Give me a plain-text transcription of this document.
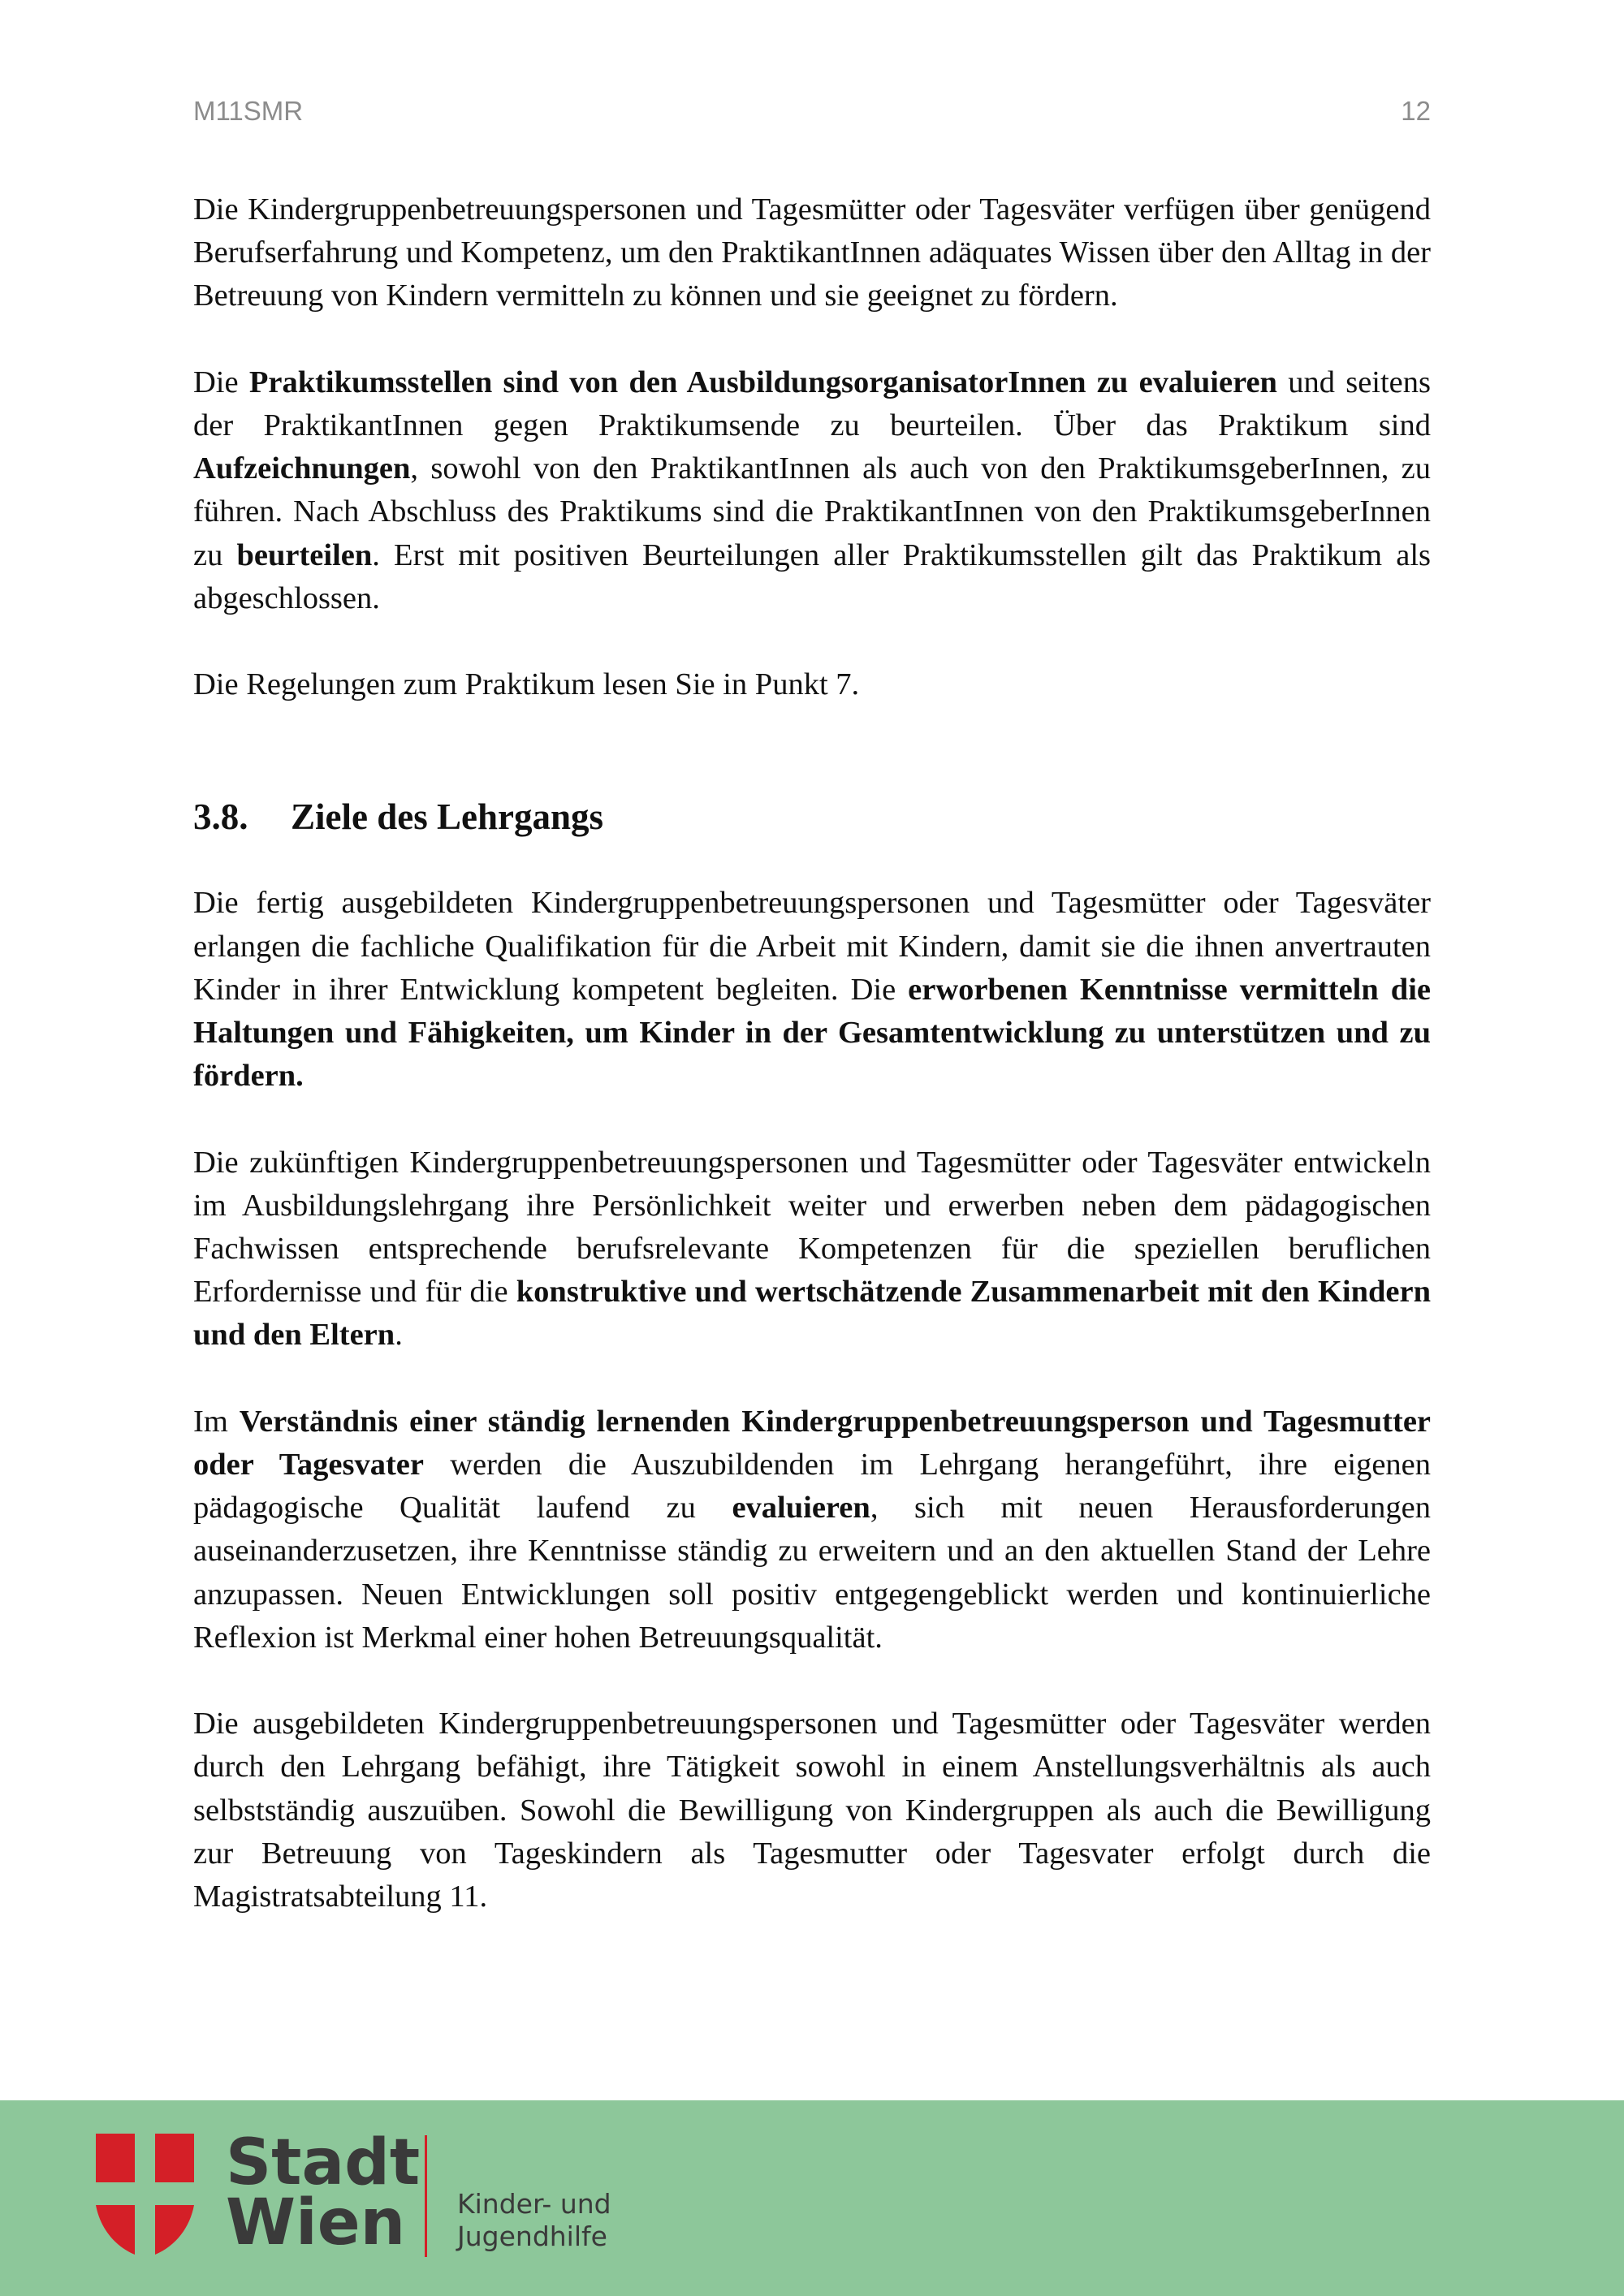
M11SMR	12

Die Kindergruppenbetreuungspersonen und Tagesmütter oder Tagesväter verfügen über genügend Berufserfahrung und Kompetenz, um den PraktikantInnen adäquates Wissen über den Alltag in der Betreuung von Kindern vermitteln zu können und sie geeignet zu fördern.

Die Praktikumsstellen sind von den AusbildungsorganisatorInnen zu evaluieren und seitens der PraktikantInnen gegen Praktikumsende zu beurteilen. Über das Praktikum sind Aufzeichnungen, sowohl von den PraktikantInnen als auch von den PraktikumsgeberInnen, zu führen. Nach Abschluss des Praktikums sind die PraktikantInnen von den PraktikumsgeberInnen zu beurteilen. Erst mit positiven Beurteilungen aller Praktikumsstellen gilt das Praktikum als abgeschlossen.

Die Regelungen zum Praktikum lesen Sie in Punkt 7.

3.8. Ziele des Lehrgangs

Die fertig ausgebildeten Kindergruppenbetreuungspersonen und Tagesmütter oder Tagesväter erlangen die fachliche Qualifikation für die Arbeit mit Kindern, damit sie die ihnen anvertrauten Kinder in ihrer Entwicklung kompetent begleiten. Die erworbenen Kenntnisse vermitteln die Haltungen und Fähigkeiten, um Kinder in der Gesamtentwicklung zu unterstützen und zu fördern.

Die zukünftigen Kindergruppenbetreuungspersonen und Tagesmütter oder Tagesväter entwickeln im Ausbildungslehrgang ihre Persönlichkeit weiter und erwerben neben dem pädagogischen Fachwissen entsprechende berufsrelevante Kompetenzen für die speziellen beruflichen Erfordernisse und für die konstruktive und wertschätzende Zusammenarbeit mit den Kindern und den Eltern.

Im Verständnis einer ständig lernenden Kindergruppenbetreuungsperson und Tagesmutter oder Tagesvater werden die Auszubildenden im Lehrgang herangeführt, ihre eigenen pädagogische Qualität laufend zu evaluieren, sich mit neuen Herausforderungen auseinanderzusetzen, ihre Kenntnisse ständig zu erweitern und an den aktuellen Stand der Lehre anzupassen. Neuen Entwicklungen soll positiv entgegengeblickt werden und kontinuierliche Reflexion ist Merkmal einer hohen Betreuungsqualität.

Die ausgebildeten Kindergruppenbetreuungspersonen und Tagesmütter oder Tagesväter werden durch den Lehrgang befähigt, ihre Tätigkeit sowohl in einem Anstellungsverhältnis als auch selbstständig auszuüben. Sowohl die Bewilligung von Kindergruppen als auch die Bewilligung zur Betreuung von Tageskindern als Tagesmutter oder Tagesvater erfolgt durch die Magistratsabteilung 11.

Stadt
Wien	Kinder- und
Jugendhilfe
